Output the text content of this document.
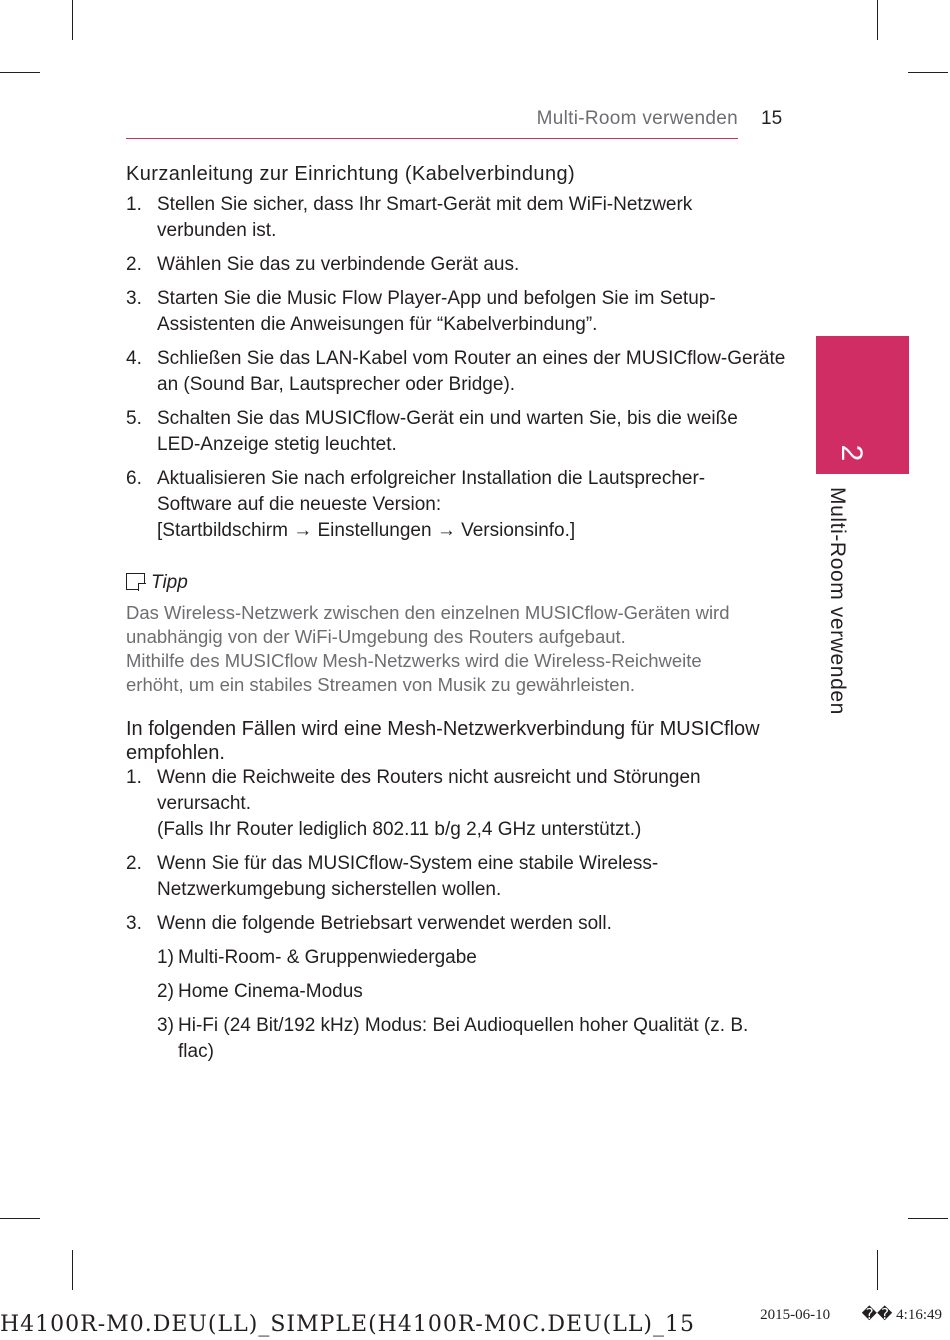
Multi-Room verwenden 15
Kurzanleitung zur Einrichtung (Kabelverbindung)
1. Stellen Sie sicher, dass Ihr Smart-Gerät mit dem WiFi-Netzwerk
verbunden ist.
2. Wählen Sie das zu verbindende Gerät aus.
3. Starten Sie die Music Flow Player-App und befolgen Sie im Setup-
Assistenten die Anweisungen für “Kabelverbindung”.
4. Schließen Sie das LAN-Kabel vom Router an eines der MUSICflow-Geräte
an (Sound Bar, Lautsprecher oder Bridge).
5. Schalten Sie das MUSICflow-Gerät ein und warten Sie, bis die weiße
LED-Anzeige stetig leuchtet.
6. Aktualisieren Sie nach erfolgreicher Installation die Lautsprecher-
Software auf die neueste Version:
[Startbildschirm → Einstellungen → Versionsinfo.]
Tipp

Das Wireless-Netzwerk zwischen den einzelnen MUSICflow-Geräten wird

unabhängig von der WiFi-Umgebung des Routers aufgebaut.

Mithilfe des MUSICflow Mesh-Netzwerks wird die Wireless-Reichweite

erhöht, um ein stabiles Streamen von Musik zu gewährleisten.

In folgenden Fällen wird eine Mesh-Netzwerkverbindung für MUSICflow
empfohlen.
1. Wenn die Reichweite des Routers nicht ausreicht und Störungen
verursacht.
(Falls Ihr Router lediglich 802.11 b/g 2,4 GHz unterstützt.)
2. Wenn Sie für das MUSICflow-System eine stabile Wireless-
Netzwerkumgebung sicherstellen wollen.
3. Wenn die folgende Betriebsart verwendet werden soll.
1) Multi-Room- & Gruppenwiedergabe
2) Home Cinema-Modus
3) Hi-Fi (24 Bit/192 kHz) Modus: Bei Audioquellen hoher Qualität (z. B.
flac)
2
Multi-Room verwenden
H4100R-M0.DEU(LL)_SIMPLE(H4100R-M0C.DEU(LL)_15	2015-06-10 �� 4:16:49
